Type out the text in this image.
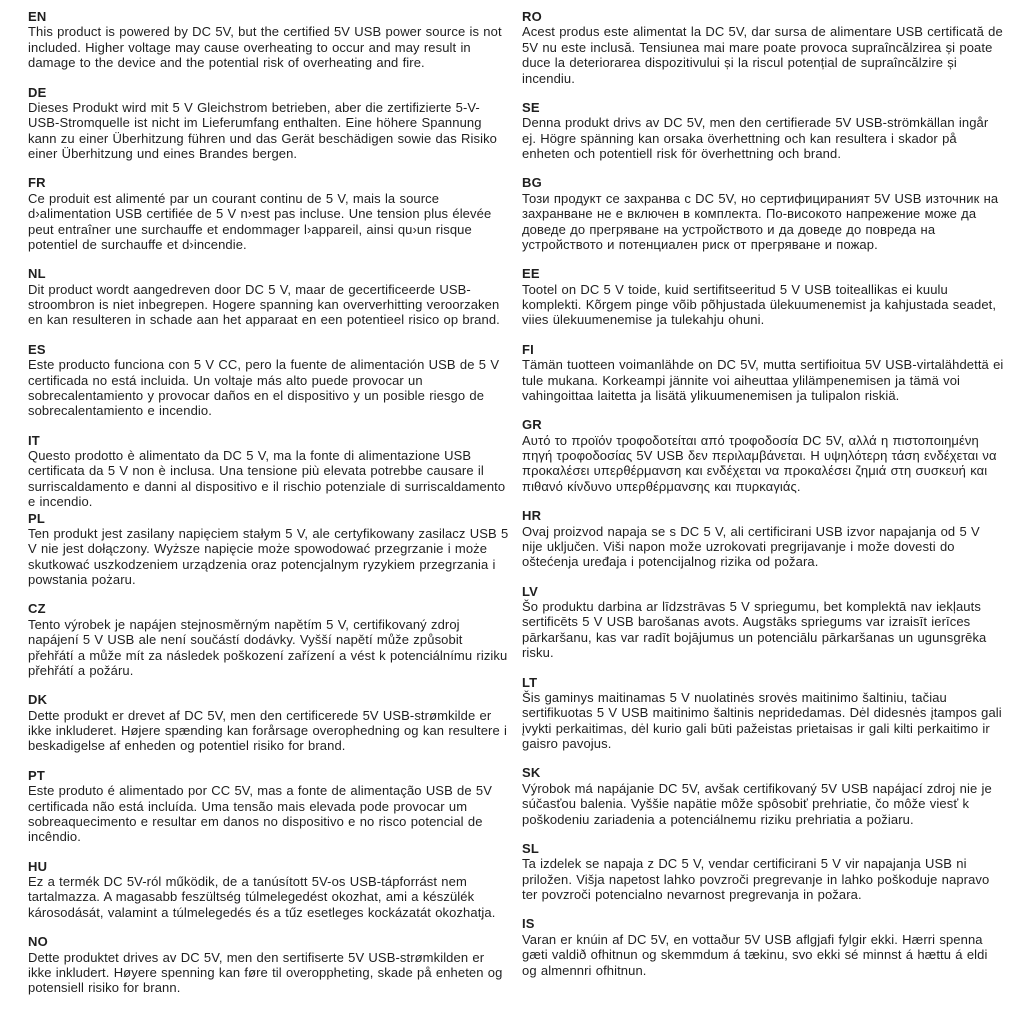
EN

This product is powered by DC 5V, but the certified 5V USB power source is not included. Higher voltage may cause overheating to occur and may result in damage to the device and the potential risk of overheating and fire.

DE

Dieses Produkt wird mit 5 V Gleichstrom betrieben, aber die zertifizierte 5-V-USB-Stromquelle ist nicht im Lieferumfang enthalten. Eine höhere Spannung kann zu einer Überhitzung führen und das Gerät beschädigen sowie das Risiko einer Überhitzung und eines Brandes bergen.

FR

Ce produit est alimenté par un courant continu de 5 V, mais la source d›alimentation USB certifiée de 5 V n›est pas incluse. Une tension plus élevée peut entraîner une surchauffe et endommager l›appareil, ainsi qu›un risque potentiel de surchauffe et d›incendie.

NL

Dit product wordt aangedreven door DC 5 V, maar de gecertificeerde USB-stroombron is niet inbegrepen. Hogere spanning kan oververhitting veroorzaken en kan resulteren in schade aan het apparaat en een potentieel risico op brand.

ES

Este producto funciona con 5 V CC, pero la fuente de alimentación USB de 5 V certificada no está incluida. Un voltaje más alto puede provocar un sobrecalentamiento y provocar daños en el dispositivo y un posible riesgo de sobrecalentamiento e incendio.

IT

Questo prodotto è alimentato da DC 5 V, ma la fonte di alimentazione USB certificata da 5 V non è inclusa. Una tensione più elevata potrebbe causare il surriscaldamento e danni al dispositivo e il rischio potenziale di surriscaldamento e incendio.

PL

Ten produkt jest zasilany napięciem stałym 5 V, ale certyfikowany zasilacz USB 5 V nie jest dołączony. Wyższe napięcie może spowodować przegrzanie i może skutkować uszkodzeniem urządzenia oraz potencjalnym ryzykiem przegrzania i powstania pożaru.

CZ

Tento výrobek je napájen stejnosměrným napětím 5 V, certifikovaný zdroj napájení 5 V USB ale není součástí dodávky. Vyšší napětí může způsobit přehřátí a může mít za následek poškození zařízení a vést k potenciálnímu riziku přehřátí a požáru.

DK

Dette produkt er drevet af DC 5V, men den certificerede 5V USB-strømkilde er ikke inkluderet. Højere spænding kan forårsage overophedning og kan resultere i beskadigelse af enheden og potentiel risiko for brand.

PT

Este produto é alimentado por CC 5V, mas a fonte de alimentação USB de 5V certificada não está incluída. Uma tensão mais elevada pode provocar um sobreaquecimento e resultar em danos no dispositivo e no risco potencial de incêndio.

HU

Ez a termék DC 5V-ról működik, de a tanúsított 5V-os USB-tápforrást nem tartalmazza. A magasabb feszültség túlmelegedést okozhat, ami a készülék károsodását, valamint a túlmelegedés és a tűz esetleges kockázatát okozhatja.

NO

Dette produktet drives av DC 5V, men den sertifiserte 5V USB-strømkilden er ikke inkludert. Høyere spenning kan føre til overoppheting, skade på enheten og potensiell risiko for brann.

RO

Acest produs este alimentat la DC 5V, dar sursa de alimentare USB certificată de 5V nu este inclusă. Tensiunea mai mare poate provoca supraîncălzirea și poate duce la deteriorarea dispozitivului și la riscul potențial de supraîncălzire și incendiu.

SE

Denna produkt drivs av DC 5V, men den certifierade 5V USB-strömkällan ingår ej. Högre spänning kan orsaka överhettning och kan resultera i skador på enheten och potentiell risk för överhettning och brand.

BG

Този продукт се захранва с DC 5V, но сертифицираният 5V USB източник на захранване не е включен в комплекта. По-високото напрежение може да доведе до прегряване на устройството и да доведе до повреда на устройството и потенциален риск от прегряване и пожар.

EE

Tootel on DC 5 V toide, kuid sertifitseeritud 5 V USB toiteallikas ei kuulu komplekti. Kõrgem pinge võib põhjustada ülekuumenemist ja kahjustada seadet, viies ülekuumenemise ja tulekahju ohuni.

FI

Tämän tuotteen voimanlähde on DC 5V, mutta sertifioitua 5V USB-virtalähdettä ei tule mukana. Korkeampi jännite voi aiheuttaa ylilämpenemisen ja tämä voi vahingoittaa laitetta ja lisätä ylikuumenemisen ja tulipalon riskiä.

GR

Αυτό το προϊόν τροφοδοτείται από τροφοδοσία DC 5V, αλλά η πιστοποιημένη πηγή τροφοδοσίας 5V USB δεν περιλαμβάνεται. Η υψηλότερη τάση ενδέχεται να προκαλέσει υπερθέρμανση και ενδέχεται να προκαλέσει ζημιά στη συσκευή και πιθανό κίνδυνο υπερθέρμανσης και πυρκαγιάς.

HR

Ovaj proizvod napaja se s DC 5 V, ali certificirani USB izvor napajanja od 5 V nije uključen. Viši napon može uzrokovati pregrijavanje i može dovesti do oštećenja uređaja i potencijalnog rizika od požara.

LV

Šo produktu darbina ar līdzstrāvas 5 V spriegumu, bet komplektā nav iekļauts sertificēts 5 V USB barošanas avots. Augstāks spriegums var izraisīt ierīces pārkaršanu, kas var radīt bojājumus un potenciālu pārkaršanas un ugunsgrēka risku.

LT

Šis gaminys maitinamas 5 V nuolatinės srovės maitinimo šaltiniu, tačiau sertifikuotas 5 V USB maitinimo šaltinis nepridedamas. Dėl didesnės įtampos gali įvykti perkaitimas, dėl kurio gali būti pažeistas prietaisas ir gali kilti perkaitimo ir gaisro pavojus.

SK

Výrobok má napájanie DC 5V, avšak certifikovaný 5V USB napájací zdroj nie je súčasťou balenia. Vyššie napätie môže spôsobiť prehriatie, čo môže viesť k poškodeniu zariadenia a potenciálnemu riziku prehriatia a požiaru.

SL

Ta izdelek se napaja z DC 5 V, vendar certificirani 5 V vir napajanja USB ni priložen. Višja napetost lahko povzroči pregrevanje in lahko poškoduje napravo ter povzroči potencialno nevarnost pregrevanja in požara.

IS

Varan er knúin af DC 5V, en vottaður 5V USB aflgjafi fylgir ekki. Hærri spenna gæti valdið ofhitnun og skemmdum á tækinu, svo ekki sé minnst á hættu á eldi og almennri ofhitnun.
